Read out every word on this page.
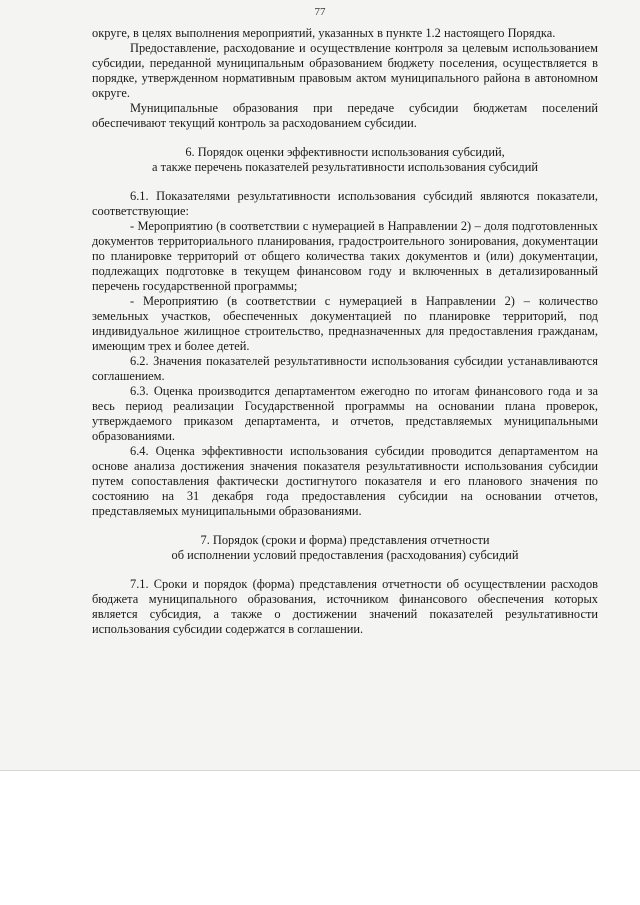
77

округе, в целях выполнения мероприятий, указанных в пункте 1.2 настоящего Порядка.

Предоставление, расходование и осуществление контроля за целевым использованием субсидии, переданной муниципальным образованием бюджету поселения, осуществляется в порядке, утвержденном нормативным правовым актом муниципального района в автономном округе.

Муниципальные образования при передаче субсидии бюджетам поселений обеспечивают текущий контроль за расходованием субсидии.

6. Порядок оценки эффективности использования субсидий,
а также перечень показателей результативности использования субсидий

6.1. Показателями результативности использования субсидий являются показатели, соответствующие:

- Мероприятию (в соответствии с нумерацией в Направлении 2) – доля подготовленных документов территориального планирования, градостроительного зонирования, документации по планировке территорий от общего количества таких документов и (или) документации, подлежащих подготовке в текущем финансовом году и включенных в детализированный перечень государственной программы;

- Мероприятию (в соответствии с нумерацией в Направлении 2) – количество земельных участков, обеспеченных документацией по планировке территорий, под индивидуальное жилищное строительство, предназначенных для предоставления гражданам, имеющим трех и более детей.

6.2. Значения показателей результативности использования субсидии устанавливаются соглашением.

6.3. Оценка производится департаментом ежегодно по итогам финансового года и за весь период реализации Государственной программы на основании плана проверок, утверждаемого приказом департамента, и отчетов, представляемых муниципальными образованиями.

6.4. Оценка эффективности использования субсидии проводится департаментом на основе анализа достижения значения показателя результативности использования субсидии путем сопоставления фактически достигнутого показателя и его планового значения по состоянию на 31 декабря года предоставления субсидии на основании отчетов, представляемых муниципальными образованиями.

7. Порядок (сроки и форма) представления отчетности
об исполнении условий предоставления (расходования) субсидий

7.1. Сроки и порядок (форма) представления отчетности об осуществлении расходов бюджета муниципального образования, источником финансового обеспечения которых является субсидия, а также о достижении значений показателей результативности использования субсидии содержатся в соглашении.
